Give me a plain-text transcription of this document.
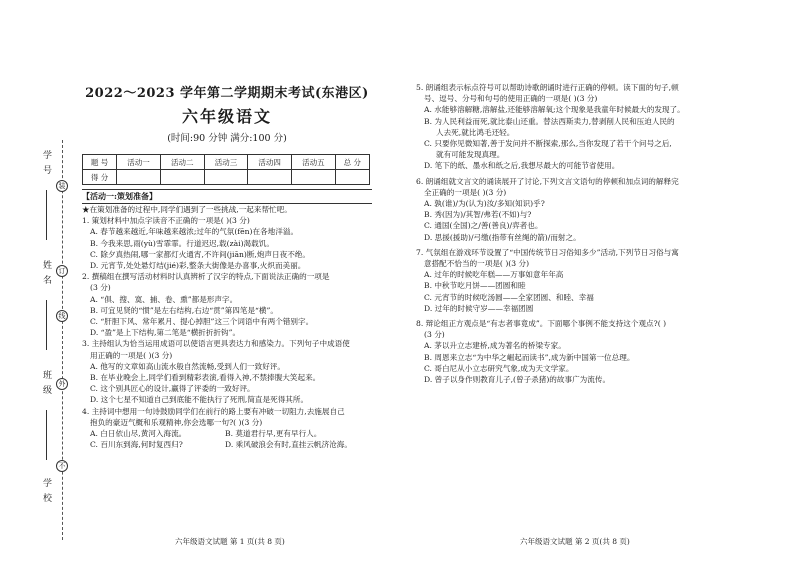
学号
姓名
班级
学校
装
订
线
外
不
2022～2023 学年第二学期期末考试(东港区)
六年级语文
(时间:90 分钟 满分:100 分)
题 号	活动一	活动二	活动三	活动四	活动五	总 分
得 分						
【活动一:策划准备】
★在策划准备的过程中,同学们遇到了一些挑战,一起来帮忙吧。
1. 策划材料中加点字读音不正确的一项是( )(3 分)
A. 春节越来越近,年味越来越浓;过年的气氛(fēn)在各地洋溢。
B. 今我来思,雨(yù)雪霏霏。行道迟迟,载(zài)渴载饥。
C. 除夕真热闹,哪一家都灯火通宵,不许间(jiān)断,炮声日夜不绝。
D. 元宵节,处处悬灯结(jié)彩,整条大街像是办喜事,火炽而美丽。
2. 撰稿组在撰写活动材料时认真辨析了汉字的特点,下面说法正确的一项是
(3 分)
A. “俱、搜、寞、捕、卷、熏”都是形声字。
B. 可宜见贤的“惯”是左右结构,右边“贯”第四笔是“横”。
C. “肝胆下风、常年累月、提心掉胆”这三个词语中有两个错别字。
D. “盈”是上下结构,第二笔是“横折折折钩”。
3. 主持组认为恰当运用成语可以使语言更具表达力和感染力。下列句子中成语使
用正确的一项是( )(3 分)
A. 他写的文章如高山流水般自然流畅,受到人们一致好评。
B. 在毕业晚会上,同学们看到精彩表演,看得入神,不禁捧腹大笑起来。
C. 这个别具匠心的设计,赢得了评委的一致好评。
D. 这个七星不知道自己到底能不能执行了死刑,简直是死得其所。
4. 主持词中想用一句诗鼓励同学们在前行的路上要有冲破一切阻力,去施展自己
抱负的豪迈气概和乐观精神,你会选哪一句?( )(3 分)
A. 白日依山尽,黄河入海流。	B. 莫道君行早,更有早行人。
C. 百川东到海,何时复西归?	D. 乘风破浪会有时,直挂云帆济沧海。
六年级语文试题 第 1 页(共 8 页)
5. 朗诵组表示标点符号可以帮助诗歌朗诵时进行正确的停顿。读下面的句子,顿
号、逗号、分号和句号的使用正确的一项是( )(3 分)
A. 水能够溶解糖,溶解盐,还能够溶解氧;这个现象是我童年时候最大的发现了。
B. 为人民利益而死,就比泰山还重。替法西斯卖力,替剥削人民和压迫人民的
人去死,就比鸿毛还轻。
C. 只要你见微知著,善于发问并不断探索,那么,当你发现了若干个问号之后,
就有可能发现真理。
D. 笔下的纸、墨水和纸之后,我想尽最大的可能节省使用。
6. 朗诵组就文言文的诵读展开了讨论,下列文言文语句的停顿和加点词的解释完
全正确的一项是( )(3 分)
A. 孰(谁)/为(认为)汝/多知(知识)乎?
B. 秀(因为)/其智/弗若(不如)与?
C. 通国(全国)之/善(善良)/弈者也。
D. 思援(援助)/弓缴(指带有丝绳的箭)/而射之。
7. 气氛组在游戏环节设置了“中国传统节日习俗知多少”活动,下列节日习俗与寓
意搭配不恰当的一项是( )(3 分)
A. 过年的时候吃年糕——万事如意年年高
B. 中秋节吃月饼——团圆和睦
C. 元宵节的时候吃汤圆——全家团圆、和睦、幸福
D. 过年的时候守岁——幸福团圆
8. 辩论组正方观点是“有志者事竟成”。下面哪个事例不能支持这个观点?( )
(3 分)
A. 茅以升立志建桥,成为著名的桥梁专家。
B. 周恩来立志“为中华之崛起而读书”,成为新中国第一位总理。
C. 哥白尼从小立志研究气象,成为天文学家。
D. 曾子以身作则教育儿子,(曾子杀猪)的故事广为流传。
六年级语文试题 第 2 页(共 8 页)
